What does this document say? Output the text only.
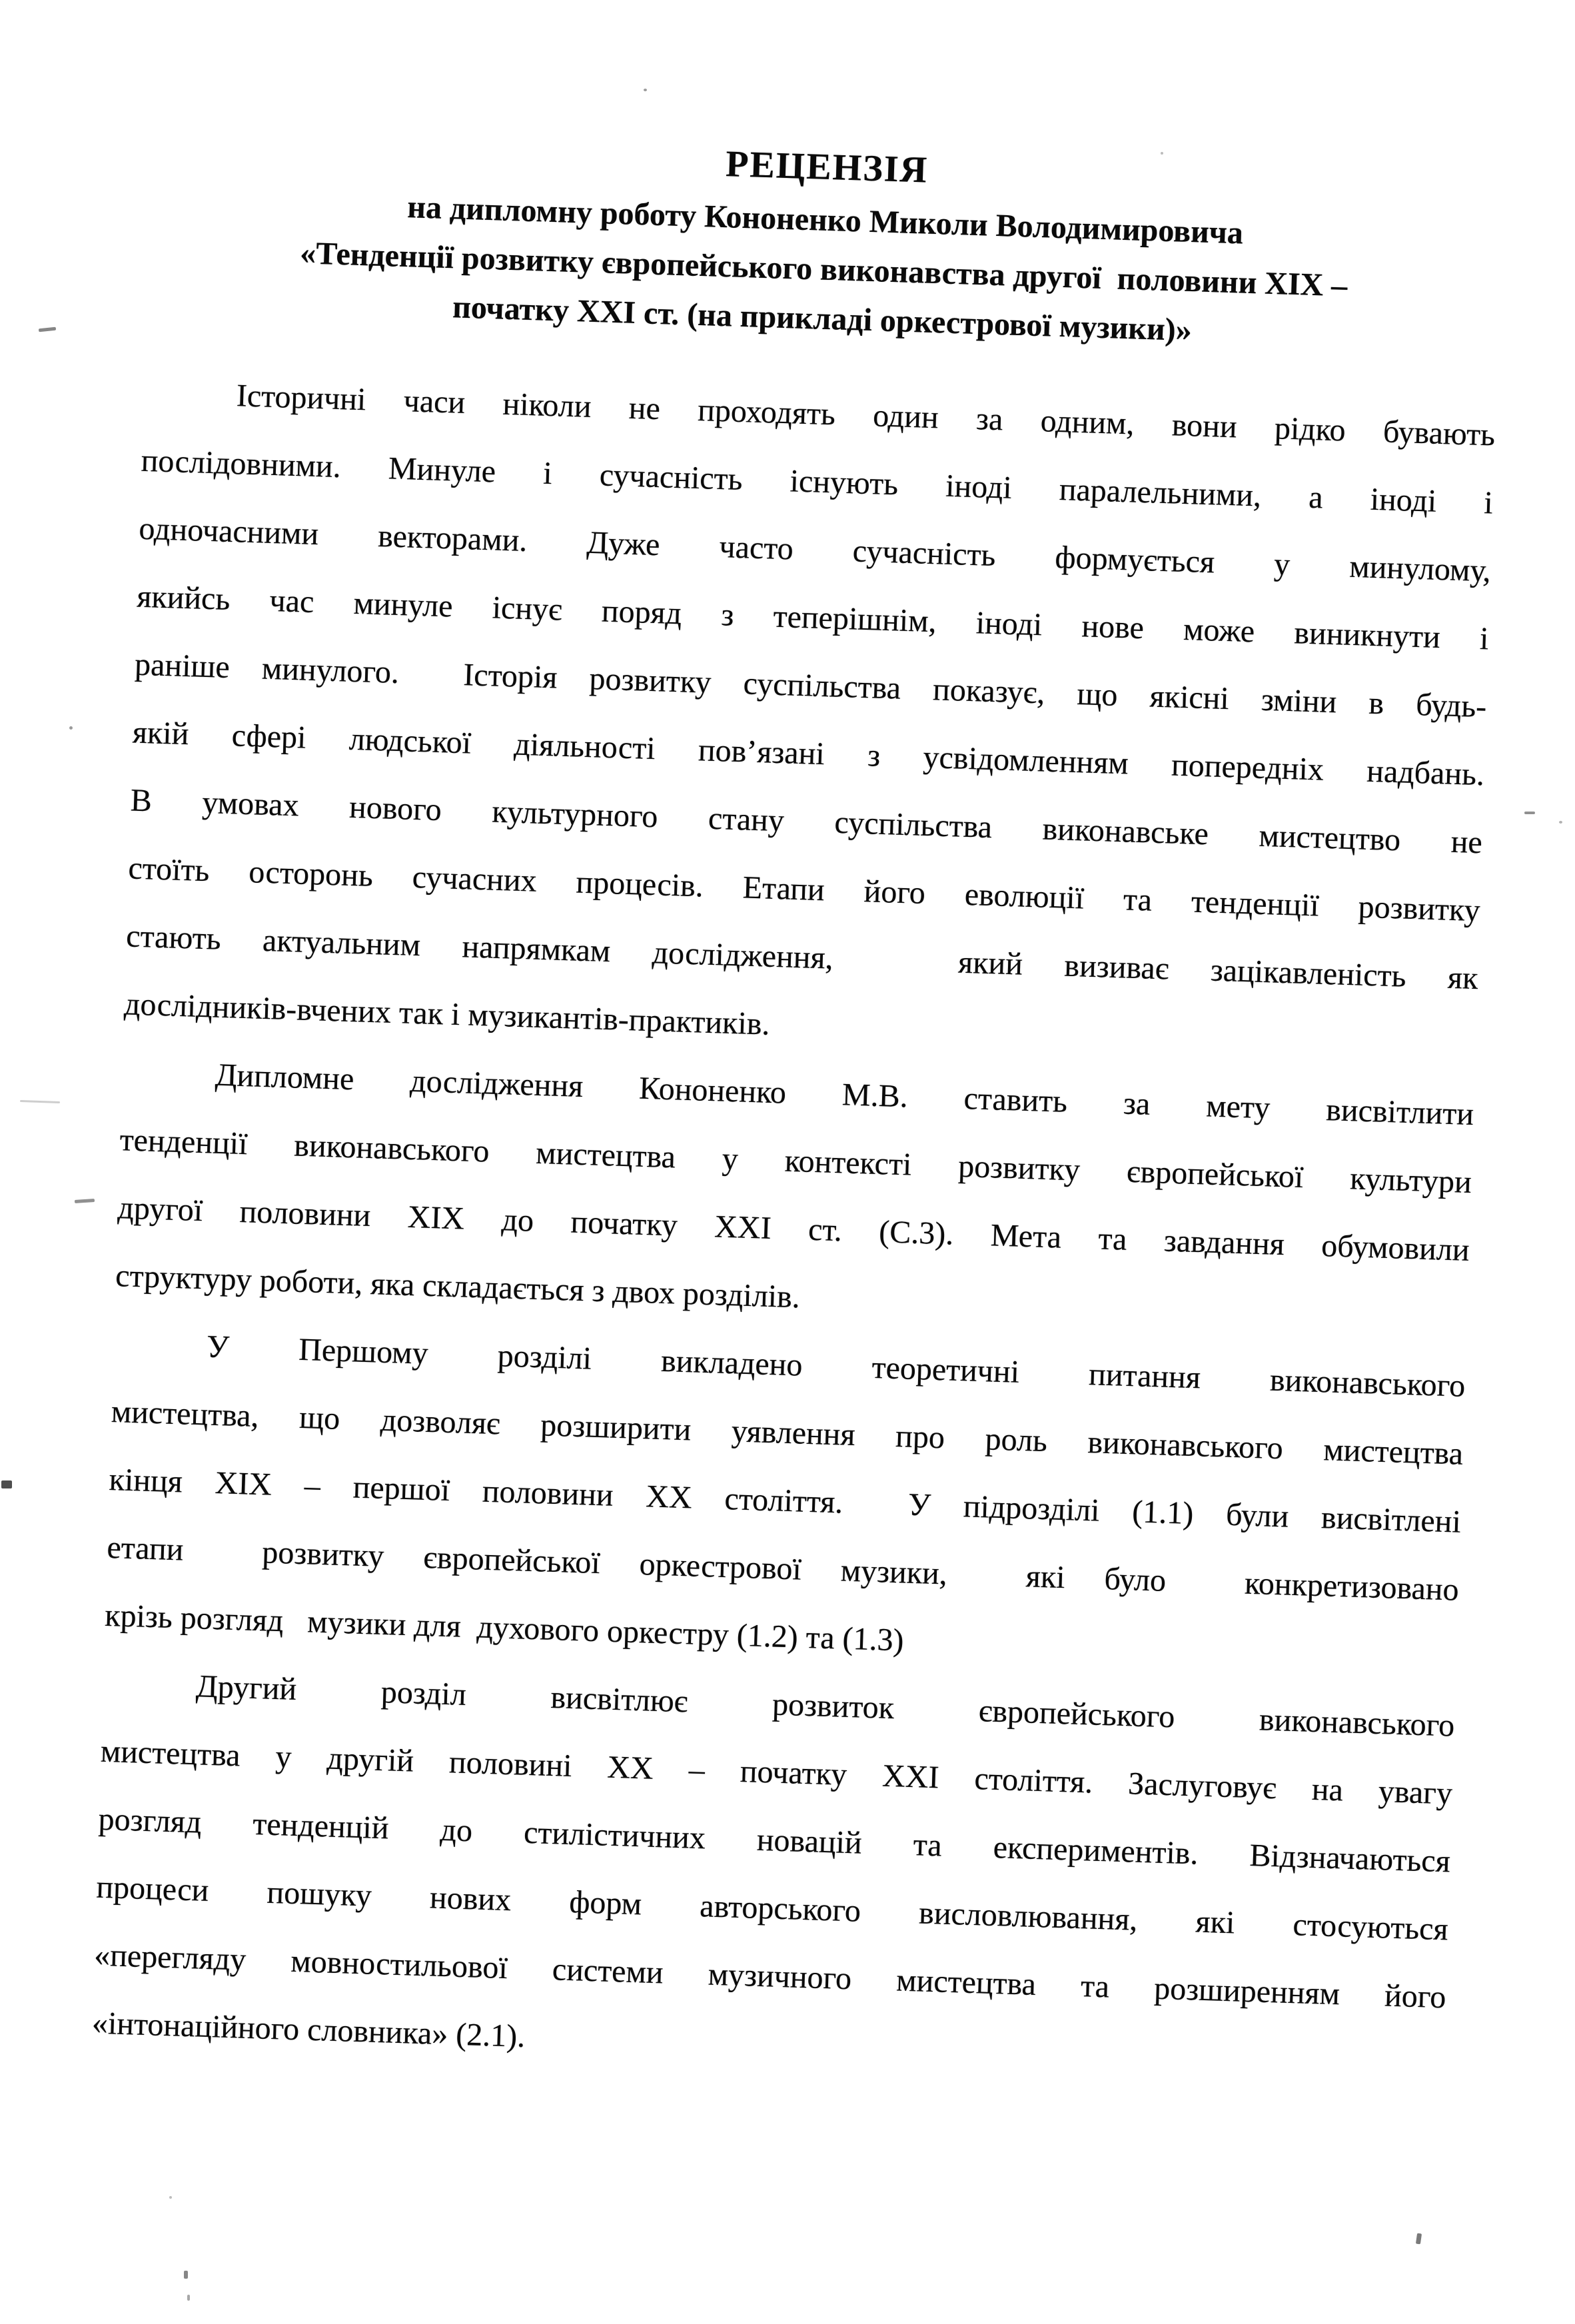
РЕЦЕНЗІЯ
на дипломну роботу Кононенко Миколи Володимировича
«Тенденції розвитку європейського виконавства другої  половини XIX –
початку XXI ст. (на прикладі оркестрової музики)»
Історичні часи ніколи не проходять один за одним, вони рідко бувають
послідовними. Минуле і сучасність існують іноді паралельними, а іноді і
одночасними векторами. Дуже часто сучасність формується у минулому,
якийсь час минуле існує поряд з теперішнім, іноді нове може виникнути і
раніше минулого.  Історія розвитку суспільства показує, що якісні зміни в будь-
якій сфері людської діяльності пов’язані з усвідомленням попередніх надбань.
В умовах нового культурного стану суспільства виконавське мистецтво не
стоїть осторонь сучасних процесів. Етапи його еволюції та тенденції розвитку
стають актуальним напрямкам дослідження,   який визиває зацікавленість як
дослідників-вчених так і музикантів-практиків.
Дипломне дослідження Кононенко М.В. ставить за мету висвітлити
тенденції виконавського мистецтва у контексті розвитку європейської культури
другої половини XIX до початку XXI ст. (С.3). Мета та завдання обумовили
структуру роботи, яка складається з двох розділів.
У Першому розділі викладено теоретичні питання виконавського
мистецтва, що дозволяє розширити уявлення про роль виконавського мистецтва
кінця XIX – першої половини XX століття.  У підрозділі (1.1) були висвітлені
етапи  розвитку європейської оркестрової музики,  які було  конкретизовано
крізь розгляд   музики для  духового оркестру (1.2) та (1.3)
Другий   розділ   висвітлює   розвиток   європейського   виконавського
мистецтва у другій половині XX – початку XXI століття. Заслуговує на увагу
розгляд тенденцій до стилістичних новацій та експериментів. Відзначаються
процеси пошуку нових форм авторського висловлювання, які стосуються
«перегляду мовностильової системи музичного мистецтва та розширенням його
«інтонаційного словника» (2.1).
